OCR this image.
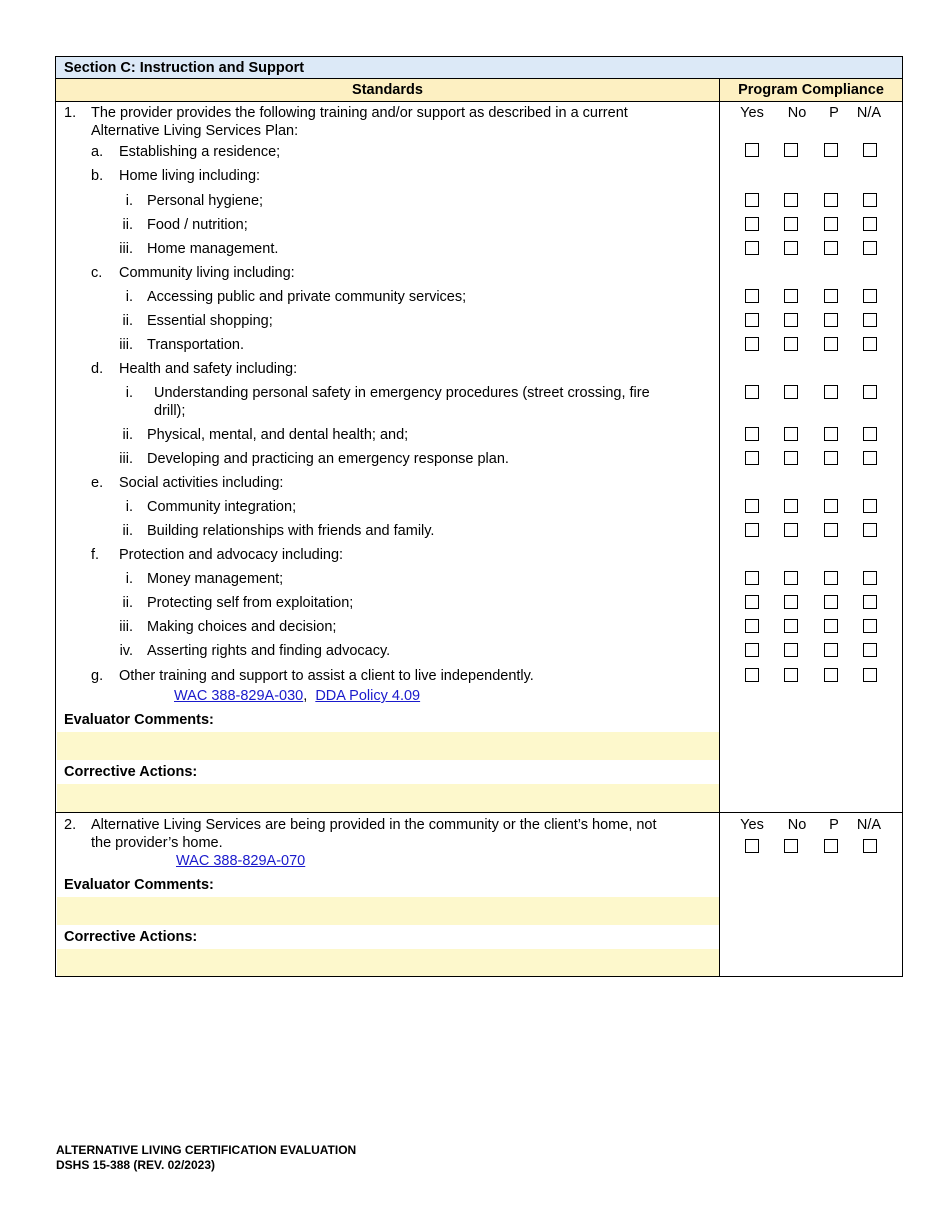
Section C: Instruction and Support
Standards	Program Compliance
Yes	No	P	N/A
1. The provider provides the following training and/or support as described in a current
Alternative Living Services Plan:
a. Establishing a residence;
b. Home living including:
i. Personal hygiene;
ii. Food / nutrition;
iii. Home management.
c. Community living including:
i. Accessing public and private community services;
ii. Essential shopping;
iii. Transportation.
d. Health and safety including:
i. Understanding personal safety in emergency procedures (street crossing, fire
drill);
ii. Physical, mental, and dental health; and;
iii. Developing and practicing an emergency response plan.
e. Social activities including:
i. Community integration;
ii. Building relationships with friends and family.
f. Protection and advocacy including:
i. Money management;
ii. Protecting self from exploitation;
iii. Making choices and decision;
iv. Asserting rights and finding advocacy.
g. Other training and support to assist a client to live independently.
WAC 388-829A-030, DDA Policy 4.09
Evaluator Comments:
Corrective Actions:
Yes	No	P	N/A
2. Alternative Living Services are being provided in the community or the client’s home, not
the provider’s home.
WAC 388-829A-070
Evaluator Comments:
Corrective Actions:
ALTERNATIVE LIVING CERTIFICATION EVALUATION
DSHS 15-388 (REV. 02/2023)
